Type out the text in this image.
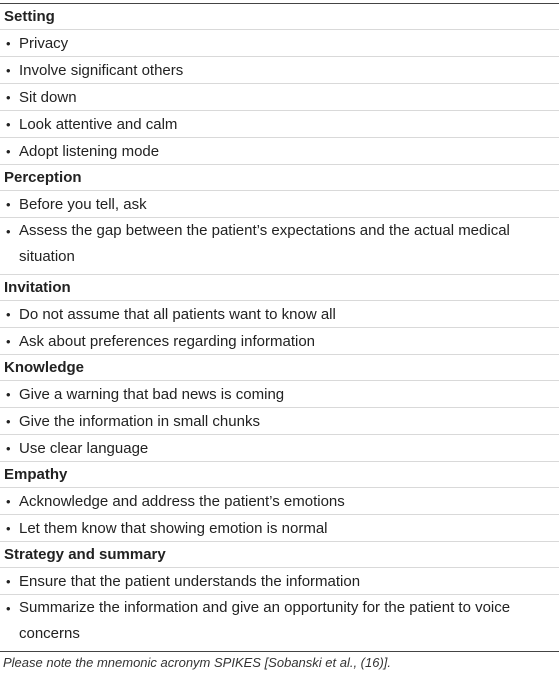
Setting
• Privacy
• Involve significant others
• Sit down
• Look attentive and calm
• Adopt listening mode
Perception
• Before you tell, ask
• Assess the gap between the patient’s expectations and the actual medical situation
Invitation
• Do not assume that all patients want to know all
• Ask about preferences regarding information
Knowledge
• Give a warning that bad news is coming
• Give the information in small chunks
• Use clear language
Empathy
• Acknowledge and address the patient’s emotions
• Let them know that showing emotion is normal
Strategy and summary
• Ensure that the patient understands the information
• Summarize the information and give an opportunity for the patient to voice concerns
Please note the mnemonic acronym SPIKES [Sobanski et al., (16)].
